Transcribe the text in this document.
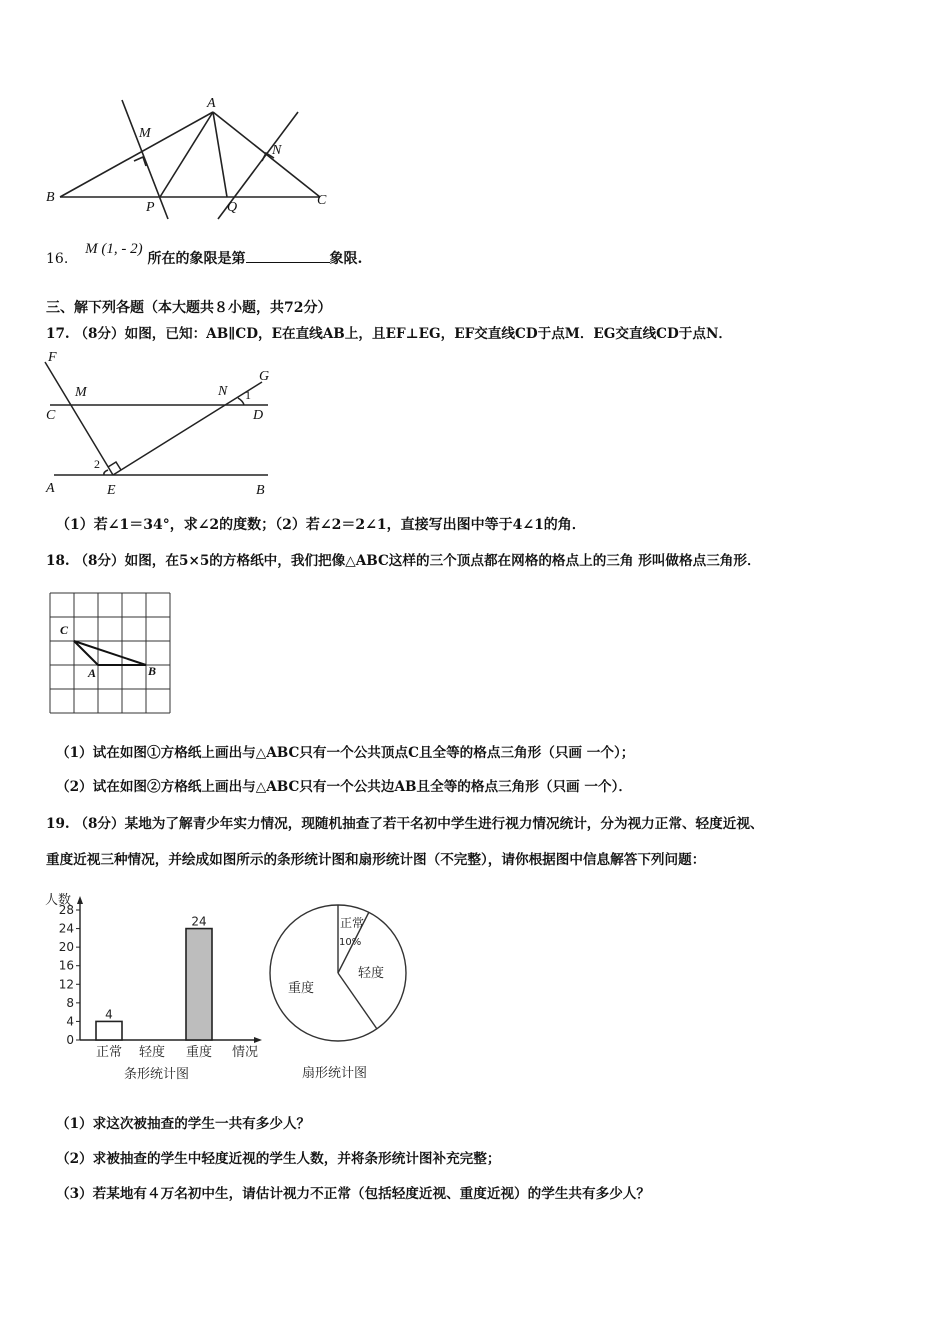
A
M
N
B
P	Q	C
16. M (1, - 2) 所在的象限是第	象限.
三、解下列各题（本大题共８小题，共72分）
17. （8分）如图，已知：AB∥CD，E在直线AB上，且EF⊥EG，EF交直线CD于点M．EG交直线CD于点N．
F
M	N
G
1
C	D
2
A	E	B
（1）若∠1＝34°，求∠2的度数；（2）若∠2＝2∠1，直接写出图中等于4∠1的角．
18. （8分）如图，在5×5的方格纸中，我们把像△ABC这样的三个顶点都在网格的格点上的三角 形叫做格点三角形．
C
A	B
（1）试在如图①方格纸上画出与△ABC只有一个公共顶点C且全等的格点三角形（只画 一个）；
（2）试在如图②方格纸上画出与△ABC只有一个公共边AB且全等的格点三角形（只画 一个）．
19. （8分）某地为了解青少年实力情况，现随机抽查了若干名初中学生进行视力情况统计，分为视力正常、轻度近视、
重度近视三种情况，并绘成如图所示的条形统计图和扇形统计图（不完整），请你根据图中信息解答下列问题：
人数
0
4
8
12
16
20
24
28
4
24
正常 轻度 重度 情况
条形统计图
正常
10%
轻度
重度
扇形统计图
（1）求这次被抽查的学生一共有多少人？
（2）求被抽查的学生中轻度近视的学生人数，并将条形统计图补充完整；
（3）若某地有４万名初中生，请估计视力不正常（包括轻度近视、重度近视）的学生共有多少人？
